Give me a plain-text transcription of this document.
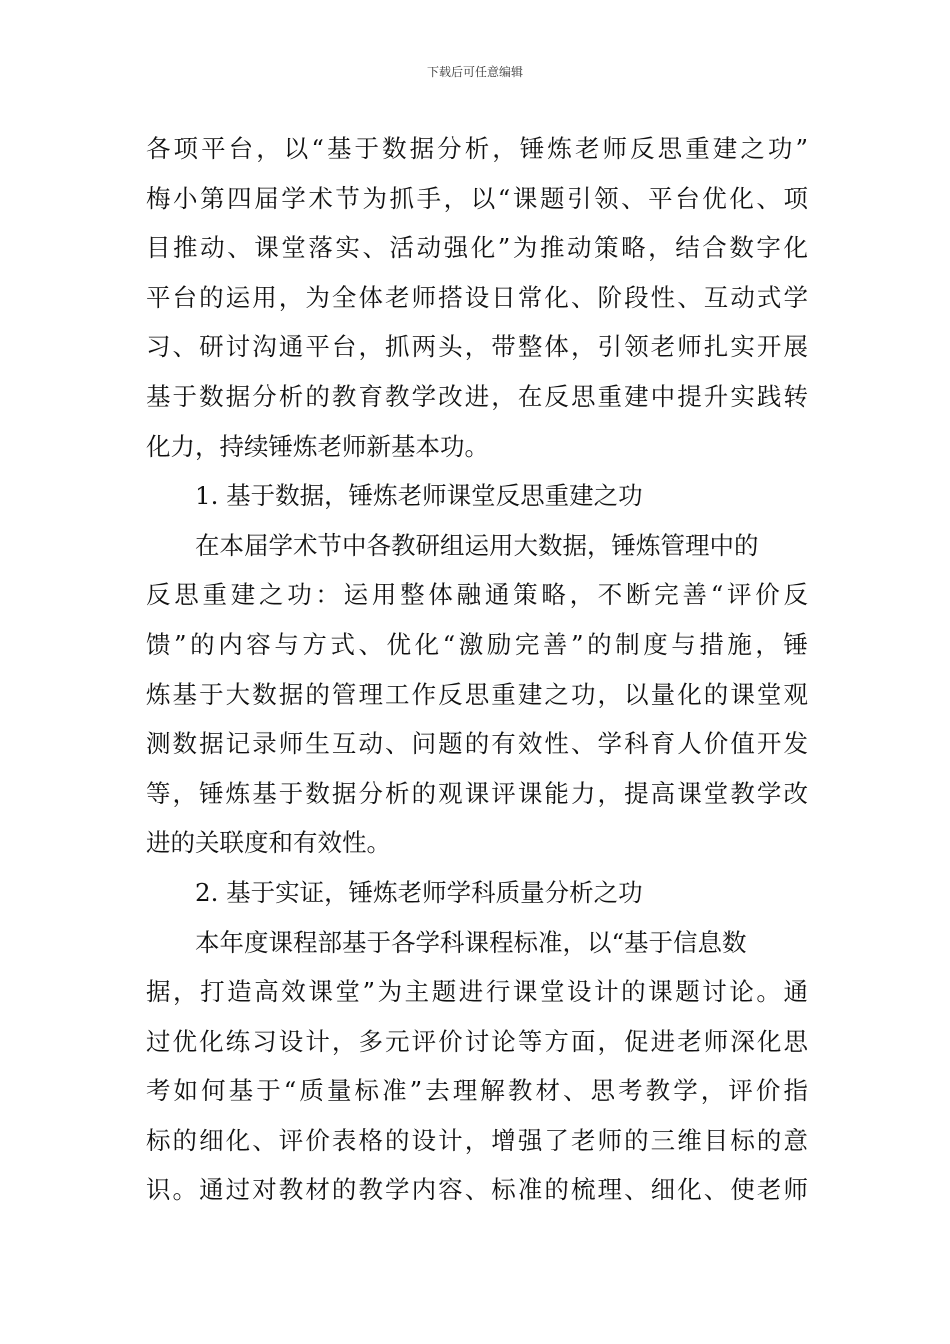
下载后可任意编辑
各项平台，以“基于数据分析，锤炼老师反思重建之功”
梅小第四届学术节为抓手，以“课题引领、平台优化、项
目推动、课堂落实、活动强化”为推动策略，结合数字化
平台的运用，为全体老师搭设日常化、阶段性、互动式学
习、研讨沟通平台，抓两头，带整体，引领老师扎实开展
基于数据分析的教育教学改进，在反思重建中提升实践转
化力，持续锤炼老师新基本功。
1. 基于数据，锤炼老师课堂反思重建之功
在本届学术节中各教研组运用大数据，锤炼管理中的
反思重建之功：运用整体融通策略，不断完善“评价反
馈”的内容与方式、优化“激励完善”的制度与措施，锤
炼基于大数据的管理工作反思重建之功，以量化的课堂观
测数据记录师生互动、问题的有效性、学科育人价值开发
等，锤炼基于数据分析的观课评课能力，提高课堂教学改
进的关联度和有效性。
2. 基于实证，锤炼老师学科质量分析之功
本年度课程部基于各学科课程标准，以“基于信息数
据，打造高效课堂”为主题进行课堂设计的课题讨论。通
过优化练习设计，多元评价讨论等方面，促进老师深化思
考如何基于“质量标准”去理解教材、思考教学，评价指
标的细化、评价表格的设计，增强了老师的三维目标的意
识。通过对教材的教学内容、标准的梳理、细化、使老师
